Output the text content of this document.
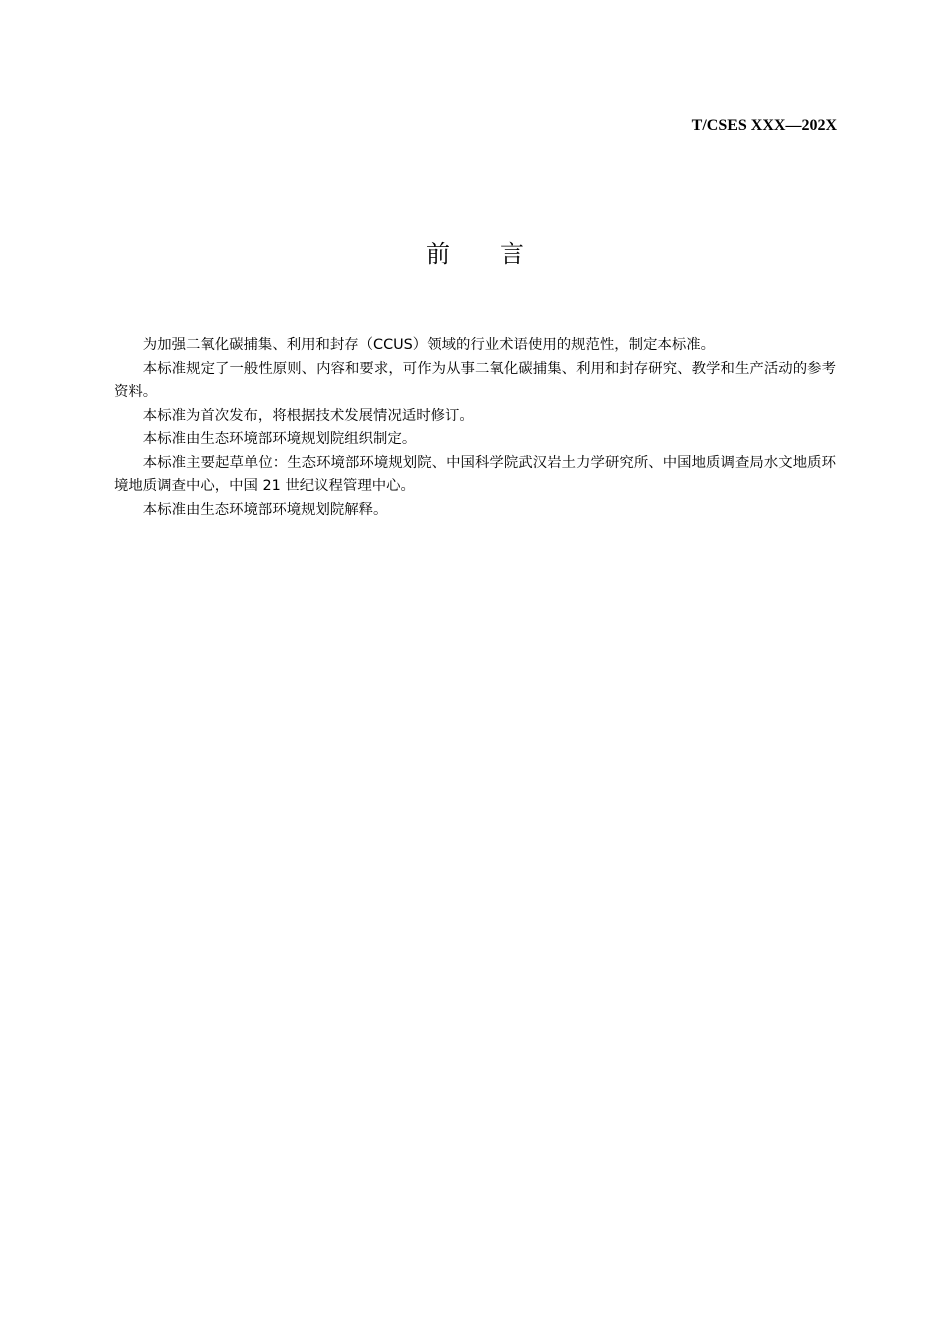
T/CSES XXX—202X
前 言

为加强二氧化碳捕集、利用和封存（CCUS）领域的行业术语使用的规范性，制定本标准。

本标准规定了一般性原则、内容和要求，可作为从事二氧化碳捕集、利用和封存研究、教学和生产活动的参考资料。

本标准为首次发布，将根据技术发展情况适时修订。

本标准由生态环境部环境规划院组织制定。

本标准主要起草单位：生态环境部环境规划院、中国科学院武汉岩土力学研究所、中国地质调查局水文地质环境地质调查中心，中国 21 世纪议程管理中心。

本标准由生态环境部环境规划院解释。
